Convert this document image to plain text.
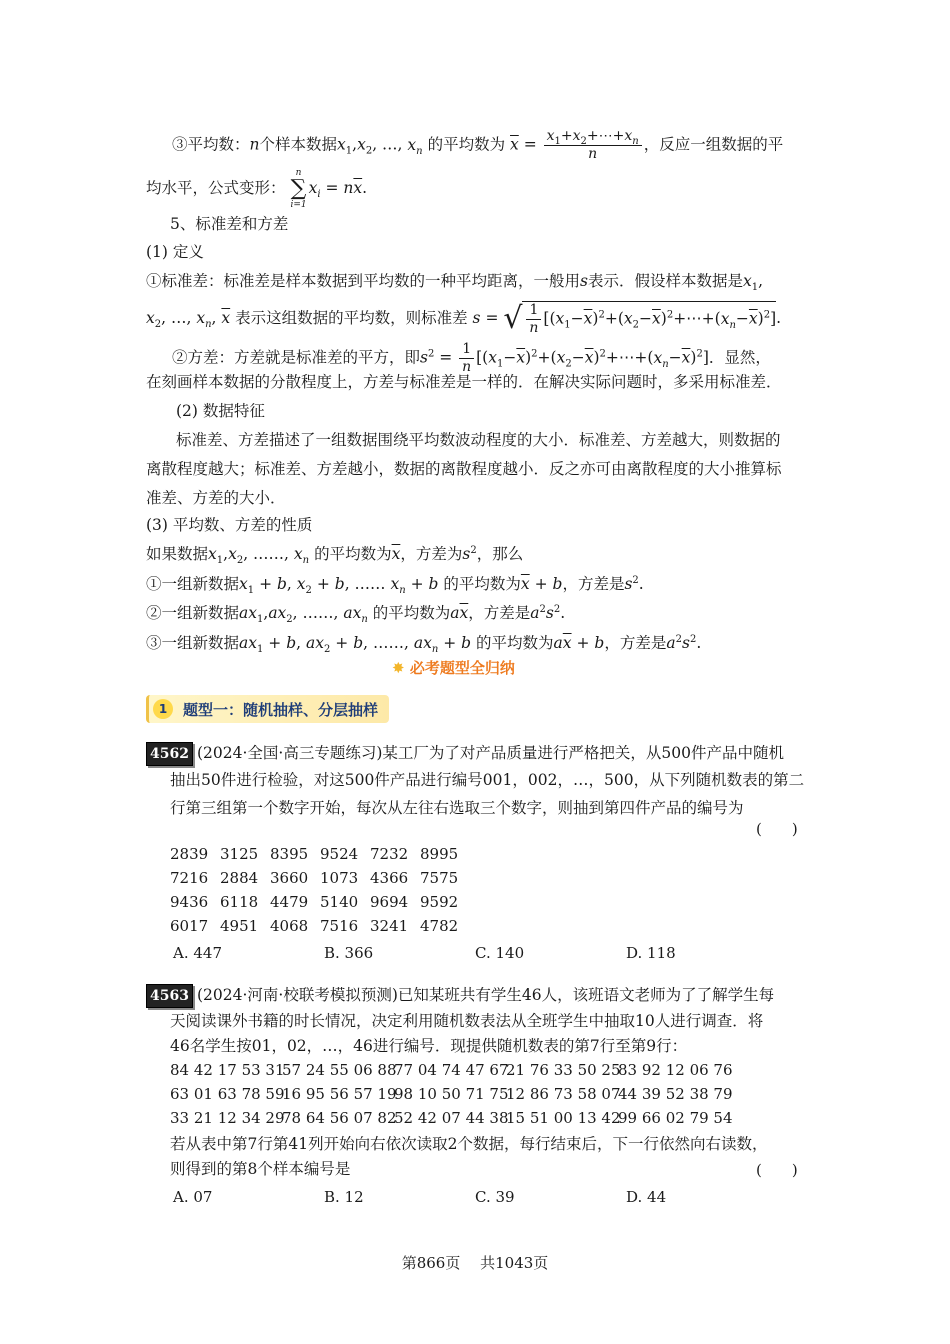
③平均数：n个样本数据$x_1,x_2$, …, $x_n$ 的平均数为 $\overline{x} = \frac{x_1+x_2+\cdots+x_n}{n}$ ，反应一组数据的平
均水平，公式变形：
n
∑
i=1
$x_i = n\overline{x}$.
5、标准差和方差
(1) 定义
①标准差：标准差是样本数据到平均数的一种平均距离，一般用s表示．假设样本数据是$x_1$,
$x_2$, …, $x_n$, $\overline{x}$ 表示这组数据的平均数，则标准差 s = √ $\frac{1}{n}$ $[(x_1-\overline{x})^2+(x_2-\overline{x})^2+\cdots+(x_n-\overline{x})^2]$.
②方差：方差就是标准差的平方，即$s^2 = \frac{1}{n}$ $[(x_1-\overline{x})^2+(x_2-\overline{x})^2+\cdots+(x_n-\overline{x})^2]$．显然，
在刻画样本数据的分散程度上，方差与标准差是一样的．在解决实际问题时，多采用标准差．
(2) 数据特征
标准差、方差描述了一组数据围绕平均数波动程度的大小．标准差、方差越大，则数据的
离散程度越大；标准差、方差越小，数据的离散程度越小．反之亦可由离散程度的大小推算标
准差、方差的大小．
(3) 平均数、方差的性质
如果数据$x_1,x_2$, ……, $x_n$ 的平均数为$\overline{x}$，方差为$s^2$，那么
①一组新数据$x_1 + b$, $x_2 + b$, …… $x_n + b$ 的平均数为$\overline{x} + b$，方差是$s^2$.
②一组新数据$ax_1,ax_2$, ……, $ax_n$ 的平均数为$a\overline{x}$，方差是$a^2s^2$.
③一组新数据$ax_1 + b$, $ax_2 + b$, ……, $ax_n + b$ 的平均数为$a\overline{x} + b$，方差是$a^2s^2$.
✸ 必考题型全归纳
1	题型一：随机抽样、分层抽样
4562 (2024·全国·高三专题练习)某工厂为了对产品质量进行严格把关，从500件产品中随机
抽出50件进行检验，对这500件产品进行编号001，002，…，500，从下列随机数表的第二
行第三组第一个数字开始，每次从左往右选取三个数字，则抽到第四件产品的编号为
(　　)
2839 3125 8395 9524 7232 8995
7216 2884 3660 1073 4366 7575
9436 6118 4479 5140 9694 9592
6017 4951 4068 7516 3241 4782
A. 447	B. 366	C. 140	D. 118
4563 (2024·河南·校联考模拟预测)已知某班共有学生46人，该班语文老师为了了解学生每
天阅读课外书籍的时长情况，决定利用随机数表法从全班学生中抽取10人进行调查．将
46名学生按01，02，…，46进行编号．现提供随机数表的第7行至第9行：
84 42 17 53 3157 24 55 06 8877 04 74 47 6721 76 33 50 2583 92 12 06 76
63 01 63 78 5916 95 56 57 1998 10 50 71 7512 86 73 58 0744 39 52 38 79
33 21 12 34 2978 64 56 07 8252 42 07 44 3815 51 00 13 4299 66 02 79 54
若从表中第7行第41列开始向右依次读取2个数据，每行结束后，下一行依然向右读数，
则得到的第8个样本编号是	(　　)
A. 07	B. 12	C. 39	D. 44
第866页　 共1043页
